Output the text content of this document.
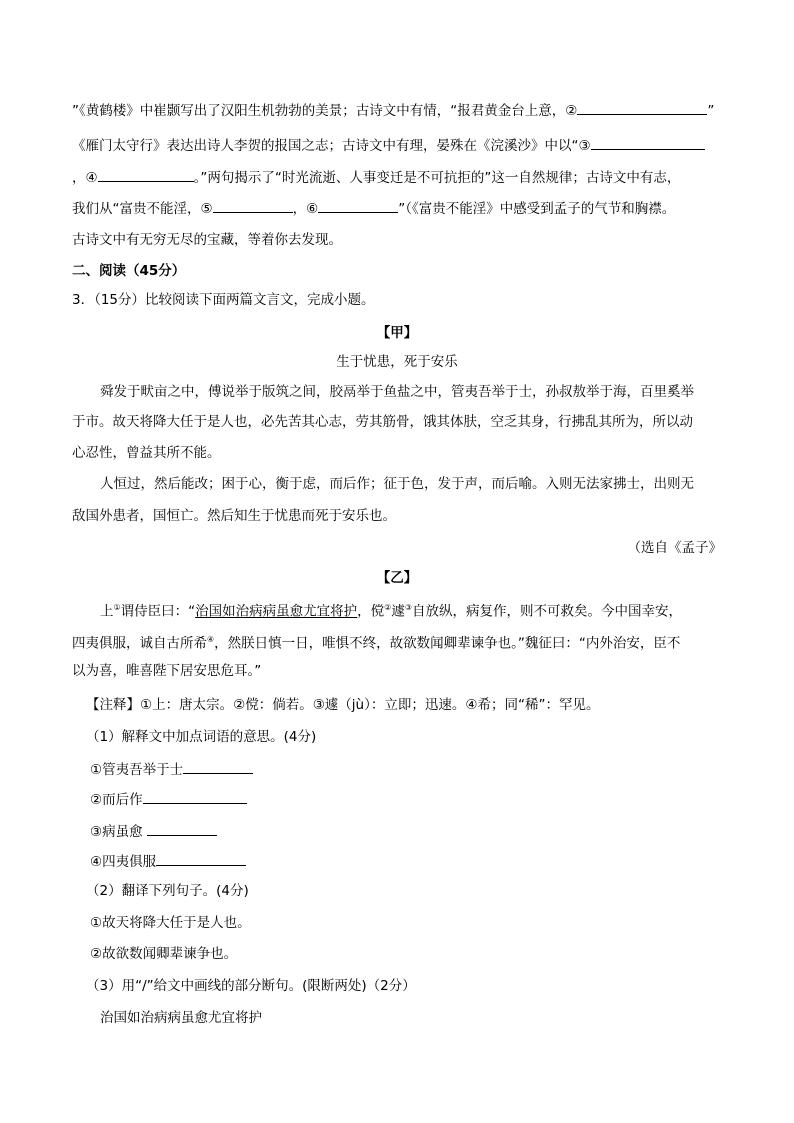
”《黄鹤楼》中崔颢写出了汉阳生机勃勃的美景；古诗文中有情，“报君黄金台上意，②	”
《雁门太守行》表达出诗人李贺的报国之志；古诗文中有理，晏殊在《浣溪沙》中以“③
，④	。”两句揭示了“时光流逝、人事变迁是不可抗拒的”这一自然规律；古诗文中有志，
我们从“富贵不能淫，⑤	，⑥	”（《富贵不能淫》中感受到孟子的气节和胸襟。
古诗文中有无穷无尽的宝藏，等着你去发现。
二、阅读（45分）
3．（15分）比较阅读下面两篇文言文，完成小题。
【甲】
生于忧患，死于安乐
舜发于畎亩之中，傅说举于版筑之间，胶鬲举于鱼盐之中，管夷吾举于士，孙叔敖举于海，百里奚举
于市。故天将降大任于是人也，必先苦其心志，劳其筋骨，饿其体肤，空乏其身，行拂乱其所为，所以动
心忍性，曾益其所不能。
人恒过，然后能改；困于心，衡于虑，而后作；征于色，发于声，而后喻。入则无法家拂士，出则无
敌国外患者，国恒亡。然后知生于忧患而死于安乐也。
（选自《孟子》
【乙】
上①谓侍臣曰：“治国如治病病虽愈尤宜将护，傥②遽③自放纵，病复作，则不可救矣。今中国幸安，
四夷俱服，诚自古所希④，然朕日慎一日，唯惧不终，故欲数闻卿辈谏争也。”魏征曰：“内外治安，臣不
以为喜，唯喜陛下居安思危耳。”
【注释】①上：唐太宗。②傥：倘若。③遽（jù）：立即；迅速。④希；同“稀”：罕见。
（1）解释文中加点词语的意思。(4分)
①管夷吾举于士
②而后作
③病虽愈
④四夷俱服
（2）翻译下列句子。(4分)
①故天将降大任于是人也。
②故欲数闻卿辈谏争也。
（3）用“/”给文中画线的部分断句。(限断两处)（2分）
治国如治病病虽愈尤宜将护
